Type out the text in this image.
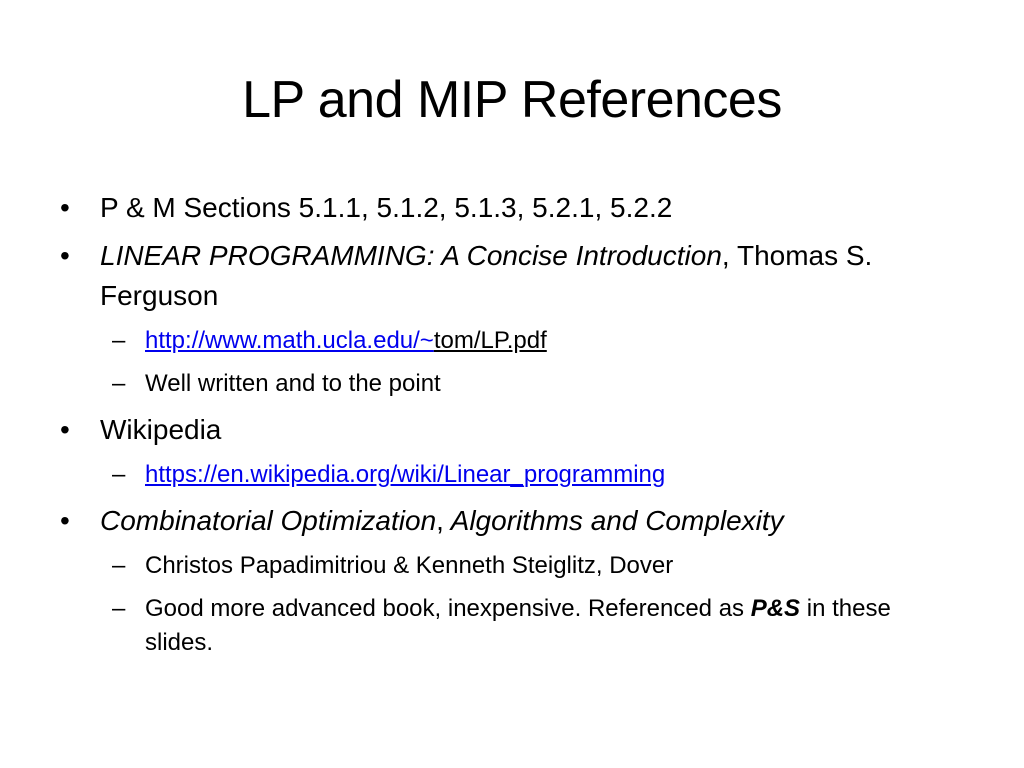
LP and MIP References
• P & M Sections 5.1.1, 5.1.2, 5.1.3, 5.2.1, 5.2.2
• LINEAR PROGRAMMING: A Concise Introduction, Thomas S. Ferguson
– http://www.math.ucla.edu/~tom/LP.pdf
– Well written and to the point
• Wikipedia
– https://en.wikipedia.org/wiki/Linear_programming
• Combinatorial Optimization, Algorithms and Complexity
– Christos Papadimitriou & Kenneth Steiglitz, Dover
– Good more advanced book, inexpensive. Referenced as P&S in these slides.
